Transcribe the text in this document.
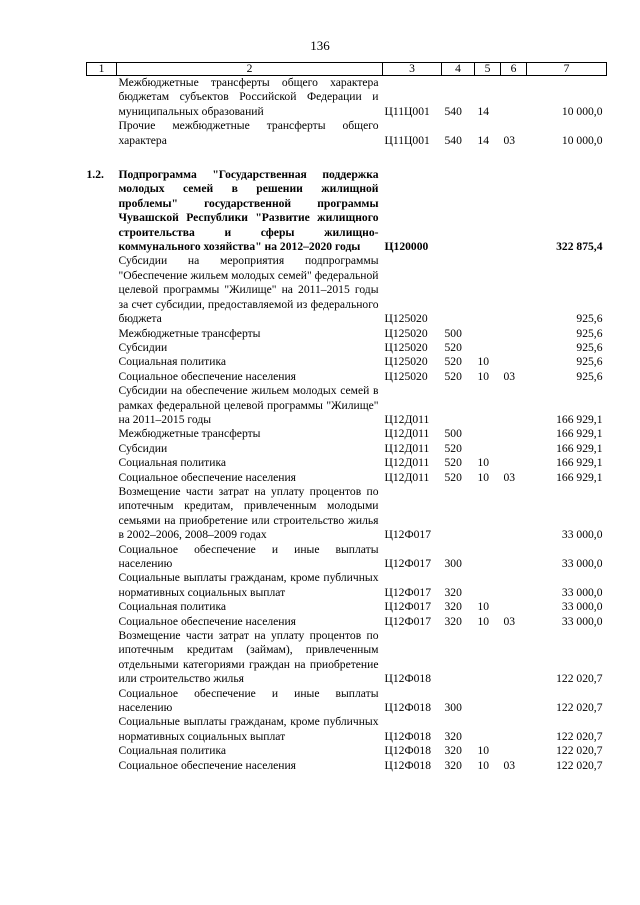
136
1	2	3	4	5	6	7
	Межбюджетные трансферты общего характера бюджетам субъектов Российской Федерации и муниципальных образований	Ц11Ц001	540	14		10 000,0
	Прочие межбюджетные трансферты общего характера	Ц11Ц001	540	14	03	10 000,0

1.2.	Подпрограмма "Государственная поддержка молодых семей в решении жилищной проблемы" государственной программы Чувашской Республики "Развитие жилищного строительства и сферы жилищно-коммунального хозяйства" на 2012–2020 годы	Ц120000				322 875,4
	Субсидии на мероприятия подпрограммы "Обеспечение жильем молодых семей" федеральной целевой программы "Жилище" на 2011–2015 годы за счет субсидии, предоставляемой из федерального бюджета	Ц125020				925,6
	Межбюджетные трансферты	Ц125020	500			925,6
	Субсидии	Ц125020	520			925,6
	Социальная политика	Ц125020	520	10		925,6
	Социальное обеспечение населения	Ц125020	520	10	03	925,6
	Субсидии на обеспечение жильем молодых семей в рамках федеральной целевой программы "Жилище" на 2011–2015 годы	Ц12Д011				166 929,1
	Межбюджетные трансферты	Ц12Д011	500			166 929,1
	Субсидии	Ц12Д011	520			166 929,1
	Социальная политика	Ц12Д011	520	10		166 929,1
	Социальное обеспечение населения	Ц12Д011	520	10	03	166 929,1
	Возмещение части затрат на уплату процентов по ипотечным кредитам, привлеченным молодыми семьями на приобретение или строительство жилья в 2002–2006, 2008–2009 годах	Ц12Ф017				33 000,0
	Социальное обеспечение и иные выплаты населению	Ц12Ф017	300			33 000,0
	Социальные выплаты гражданам, кроме публичных нормативных социальных выплат	Ц12Ф017	320			33 000,0
	Социальная политика	Ц12Ф017	320	10		33 000,0
	Социальное обеспечение населения	Ц12Ф017	320	10	03	33 000,0
	Возмещение части затрат на уплату процентов по ипотечным кредитам (займам), привлеченным отдельными категориями граждан на приобретение или строительство жилья	Ц12Ф018				122 020,7
	Социальное обеспечение и иные выплаты населению	Ц12Ф018	300			122 020,7
	Социальные выплаты гражданам, кроме публичных нормативных социальных выплат	Ц12Ф018	320			122 020,7
	Социальная политика	Ц12Ф018	320	10		122 020,7
	Социальное обеспечение населения	Ц12Ф018	320	10	03	122 020,7
